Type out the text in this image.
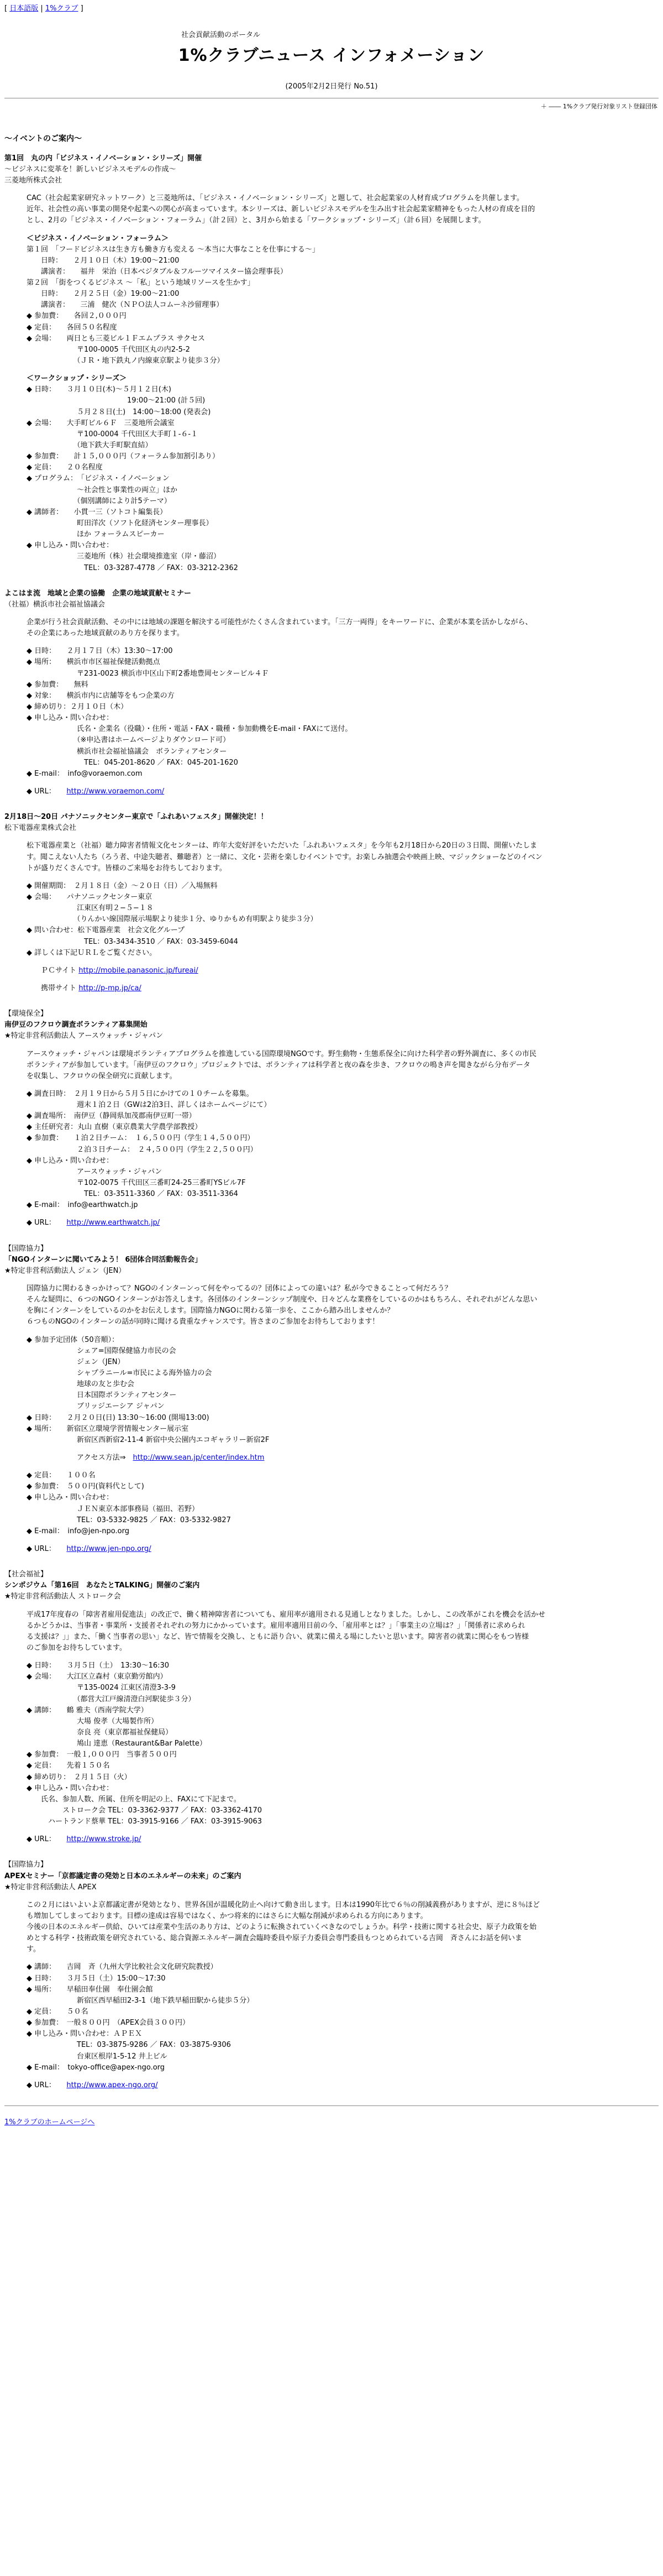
[ 日本語版 | 1%クラブ ]
社会貢献活動のポータル
1%クラブニュース インフォメーション
(2005年2月2日発行 No.51)
＋ ―― 1%クラブ発行対象リスト登録団体
〜イベントのご案内〜

第1回　丸の内「ビジネス・イノベーション・シリーズ」開催

〜ビジネスに変革を！新しいビジネスモデルの作成〜

三菱地所株式会社

CAC（社会起業家研究ネットワーク）と三菱地所は、「ビジネス・イノベーション・シリーズ」と題して、社会起業家の人材育成プログラムを共催します。
近年、社会性の高い事業の開発や起業への関心が高まっています。本シリーズは、新しいビジネスモデルを生み出す社会起業家精神をもった人材の育成を目的
とし、2月の「ビジネス・イノベーション・フォーラム」（計２回）と、3月から始まる「ワークショップ・シリーズ」（計６回）を展開します。

＜ビジネス・イノベーション・フォーラム＞

第１回　「フードビジネスは生き方も働き方も変える 〜本当に大事なことを仕事にする〜」
　　日時：　　２月１０日（木）19:00〜21:00
　　講演者：　　福井　栄治（日本ベジタブル＆フルーツマイスター協会理事長）
第２回　「街をつくるビジネス 〜「私」という地域リソースを生かす」
　　日時：　　２月２５日（金）19:00〜21:00
　　講演者：　　三浦　健次（ＮＰＯ法人コムーネ沙留理事）
◆ 参加費：　　各回２,０００円
◆ 定員：　　各回５０名程度
◆ 会場：　　両日とも三菱ビル１Ｆエムプラス サクセス
　　　　　　　〒100-0005 千代田区丸の内2-5-2
　　　　　　　（ＪＲ・地下鉄丸ノ内線東京駅より徒歩３分）

＜ワークショップ・シリーズ＞

◆ 日時：　　３月１０日(木)〜５月１２日(木)
　　　　　　　　　　　　　　19:00〜21:00 (計５回)
　　　　　　　５月２８日(土)　14:00〜18:00 (発表会)
◆ 会場：　　大手町ビル６Ｆ　三菱地所会議室
　　　　　　　〒100-0004 千代田区大手町１-６-１
　　　　　　　（地下鉄大手町駅直結）
◆ 参加費：　　計１５,０００円（フォーラム参加割引あり）
◆ 定員：　　２０名程度
◆ プログラム：　「ビジネス・イノベーション
　　　　　　　〜社会性と事業性の両立」ほか
　　　　　　　（個別講師により計5テーマ）
◆ 講師者：　　小貫一三（ソトコト編集長）
　　　　　　　町田洋次（ソフト化経済センター理事長）
　　　　　　　ほか フォーラムスピーカー
◆ 申し込み・問い合わせ：
　　　　　　　三菱地所（株）社会環境推進室（岸・藤沼）
　　　　　　　　TEL：03-3287-4778 ／ FAX：03-3212-2362

よこはま流　地域と企業の協働　企業の地域貢献セミナー

（社福）横浜市社会福祉協議会

企業が行う社会貢献活動、その中には地域の課題を解決する可能性がたくさん含まれています。「三方一両得」をキーワードに、企業が本業を活かしながら、
その企業にあった地域貢献のあり方を探ります。

◆ 日時：　　２月１７日（木）13:30〜17:00
◆ 場所：　　横浜市市区福祉保健活動拠点
　　　　　　　〒231-0023 横浜市中区山下町2番地豊岡センタービル４Ｆ
◆ 参加費：　　無料
◆ 対象：　　横浜市内に店舗等をもつ企業の方
◆ 締め切り：２月１０日（木）
◆ 申し込み・問い合わせ：
　　　　　　　氏名・企業名（役職）・住所・電話・FAX・職種・参加動機をE-mail・FAXにて送付。
　　　　　　　（※申込書はホームページよりダウンロード可）
　　　　　　　横浜市社会福祉協議会　ボランティアセンター
　　　　　　　　TEL：045-201-8620 ／ FAX：045-201-1620
◆ E-mail：　info@voraemon.com
◆ URL：　　http://www.voraemon.com/

2月18日〜20日 パナソニックセンター東京で「ふれあいフェスタ」開催決定！！

松下電器産業株式会社

松下電器産業と（社福）聴力障害者情報文化センターは、昨年大変好評をいただいた「ふれあいフェスタ」を今年も2月18日から20日の３日間、開催いたしま
す。聞こえない人たち（ろう者、中途失聴者、難聴者）と一緒に、文化・芸術を楽しむイベントです。お楽しみ抽選会や映画上映、マジックショーなどのイベン
トが盛りだくさんです。皆様のご来場をお待ちしております。

◆ 開催期間：　２月１８日（金）〜２０日（日）／入場無料
◆ 会場：　　パナソニックセンター東京
　　　　　　　江東区有明２−５−１８
　　　　　　　（りんかい線国際展示場駅より徒歩１分、ゆりかもめ有明駅より徒歩３分）
◆ 問い合わせ：松下電器産業　社会文化グループ
　　　　　　　　TEL：03-3434-3510 ／ FAX：03-3459-6044
◆ 詳しくは下記ＵＲＬをご覧ください。
　　ＰＣサイト http://mobile.panasonic.jp/fureai/
　　携帯サイト http://p-mp.jp/ca/

【環境保全】

南伊豆のフクロウ調査ボランティア募集開始

★特定非営利活動法人 アースウォッチ・ジャパン

アースウォッチ・ジャパンは環境ボランティアプログラムを推進している国際環境NGOです。野生動物・生態系保全に向けた科学者の野外調査に、多くの市民
ボランティアが参加しています。「南伊豆のフクロウ」プロジェクトでは、ボランティアは科学者と夜の森を歩き、フクロウの鳴き声を聞きながら分布データ
を収集し、フクロウの保全研究に貢献します。

◆ 調査日時：　２月１９日から５月５日にかけての１０チームを募集。
　　　　　　　週末１泊２日（GWは2泊3日、詳しくはホームページにて）
◆ 調査場所：　南伊豆（静岡県加茂郡南伊豆町一帯）
◆ 主任研究者：丸山 直樹（東京農業大学農学部教授）
◆ 参加費：　　１泊２日チーム：　１６,５００円（学生１４,５００円）
　　　　　　　２泊３日チーム：　２４,５００円（学生２２,５００円）
◆ 申し込み・問い合わせ：
　　　　　　　アースウォッチ・ジャパン
　　　　　　　〒102-0075 千代田区三番町24-25三番町YSビル7F
　　　　　　　　TEL：03-3511-3360 ／ FAX：03-3511-3364
◆ E-mail：　info@earthwatch.jp
◆ URL：　　http://www.earthwatch.jp/

【国際協力】

「NGOインターンに聞いてみよう！ 6団体合同活動報告会」

★特定非営利活動法人 ジェン（JEN）

国際協力に関わるきっかけって？NGOのインターンって何をやってるの？団体によっての違いは？私が今できることって何だろう？
そんな疑問に、６つのNGOインターンがお答えします。各団体のインターンシップ制度や、日々どんな業務をしているのかはもちろん、それぞれがどんな思い
を胸にインターンをしているのかをお伝えします。国際協力NGOに関わる第一歩を、ここから踏み出しませんか？
６つものNGOのインターンの話が同時に聞ける貴重なチャンスです。皆さまのご参加をお待ちしております！

◆ 参加予定団体（50音順）：
　　　　　　　シェア=国際保健協力市民の会
　　　　　　　ジェン（JEN）
　　　　　　　シャプラニール=市民による海外協力の会
　　　　　　　地球の友と歩む会
　　　　　　　日本国際ボランティアセンター
　　　　　　　ブリッジエーシア ジャパン
◆ 日時：　　２月２０日(日) 13:30〜16:00 (開場13:00)
◆ 場所：　　新宿区立環境学習情報センター展示室
　　　　　　　新宿区西新宿2-11-4 新宿中央公園内エコギャラリー新宿2F
　　　　　　　アクセス方法⇒　http://www.sean.jp/center/index.htm
◆ 定員：　　１００名
◆ 参加費：　５００円(資料代として)
◆ 申し込み・問い合わせ：
　　　　　　　ＪＥＮ東京本部事務局（福田、若野）
　　　　　　　TEL：03-5332-9825 ／ FAX：03-5332-9827
◆ E-mail：　info@jen-npo.org
◆ URL：　　http://www.jen-npo.org/

【社会福祉】

シンポジウム「第16回　あなたとTALKING」開催のご案内

★特定非営利活動法人 ストローク会

平成17年度春の「障害者雇用促進法」の改正で、働く精神障害者についても、雇用率が適用される見通しとなりました。しかし、この改革がこれを機会を活かせ
るかどうかは、当事者・事業所・支援者それぞれの努力にかかっています。雇用率適用目前の今、「雇用率とは？」「事業主の立場は？」「関係者に求められ
る支援は？」」また、「働く当事者の思い」など、皆で情報を交換し、ともに語り合い、就業に備える場にしたいと思います。障害者の就業に関心をもつ皆様
のご参加をお待ちしています。

◆ 日時：　　３月５日（土）　13:30〜16:30
◆ 会場：　　大江区立森村（東京勤労館内）
　　　　　　　〒135-0024 江東区清澄3-3-9
　　　　　　　（都営大江戸線清澄白河駅徒歩３分）
◆ 講師：　　鶴 雅夫（西南学院大学）
　　　　　　　大場 俊孝（大場製作所）
　　　　　　　奈良 亮（東京都福祉保健局）
　　　　　　　鳩山 達恵（Restaurant&Bar Palette）
◆ 参加費：　一般１,０００円　当事者５００円
◆ 定員：　　先着１５０名
◆ 締め切り：　２月１５日（火）
◆ 申し込み・問い合わせ：
　　氏名、参加人数、所属、住所を明記の上、FAXにて下記まで。
　　　　　ストローク会 TEL：03-3362-9377 ／ FAX：03-3362-4170
　　　ハートランド蔡華 TEL：03-3915-9166 ／ FAX：03-3915-9063
◆ URL：　　http://www.stroke.jp/

【国際協力】

APEXセミナー「京都議定書の発効と日本のエネルギーの未来」のご案内

★特定非営利活動法人 APEX

この２月にはいよいよ京都議定書が発効となり、世界各国が温暖化防止へ向けて動き出します。日本は1990年比で６％の削減義務がありますが、逆に８％ほど
も増加してしまっております。目標の達成は容易ではなく、かつ将来的にはさらに大幅な削減が求められる方向にあります。
今後の日本のエネルギー供給、ひいては産業や生活のあり方は、どのように転換されていくべきなのでしょうか。科学・技術に関する社会史、原子力政策を始
めとする科学・技術政策を研究されている、総合資源エネルギー調査会臨時委員や原子力委員会専門委員もつとめられている吉岡　斉さんにお話を伺いま
す。

◆ 講師：　　吉岡　斉（九州大学比較社会文化研究院教授）
◆ 日時：　　３月５日（土）15:00〜17:30
◆ 場所：　　早稲田奉仕園　奉仕園会館
　　　　　　　新宿区西早稲田2-3-1（地下鉄早稲田駅から徒歩５分）
◆ 定員：　　５０名
◆ 参加費：　一般８００円　（APEX会員３００円）
◆ 申し込み・問い合わせ：ＡＰＥＸ
　　　　　　　TEL：03-3875-9286 ／ FAX：03-3875-9306
　　　　　　　台東区根岸1-5-12 井上ビル
◆ E-mail：　tokyo-office@apex-ngo.org
◆ URL：　　http://www.apex-ngo.org/
1%クラブのホームページへ
